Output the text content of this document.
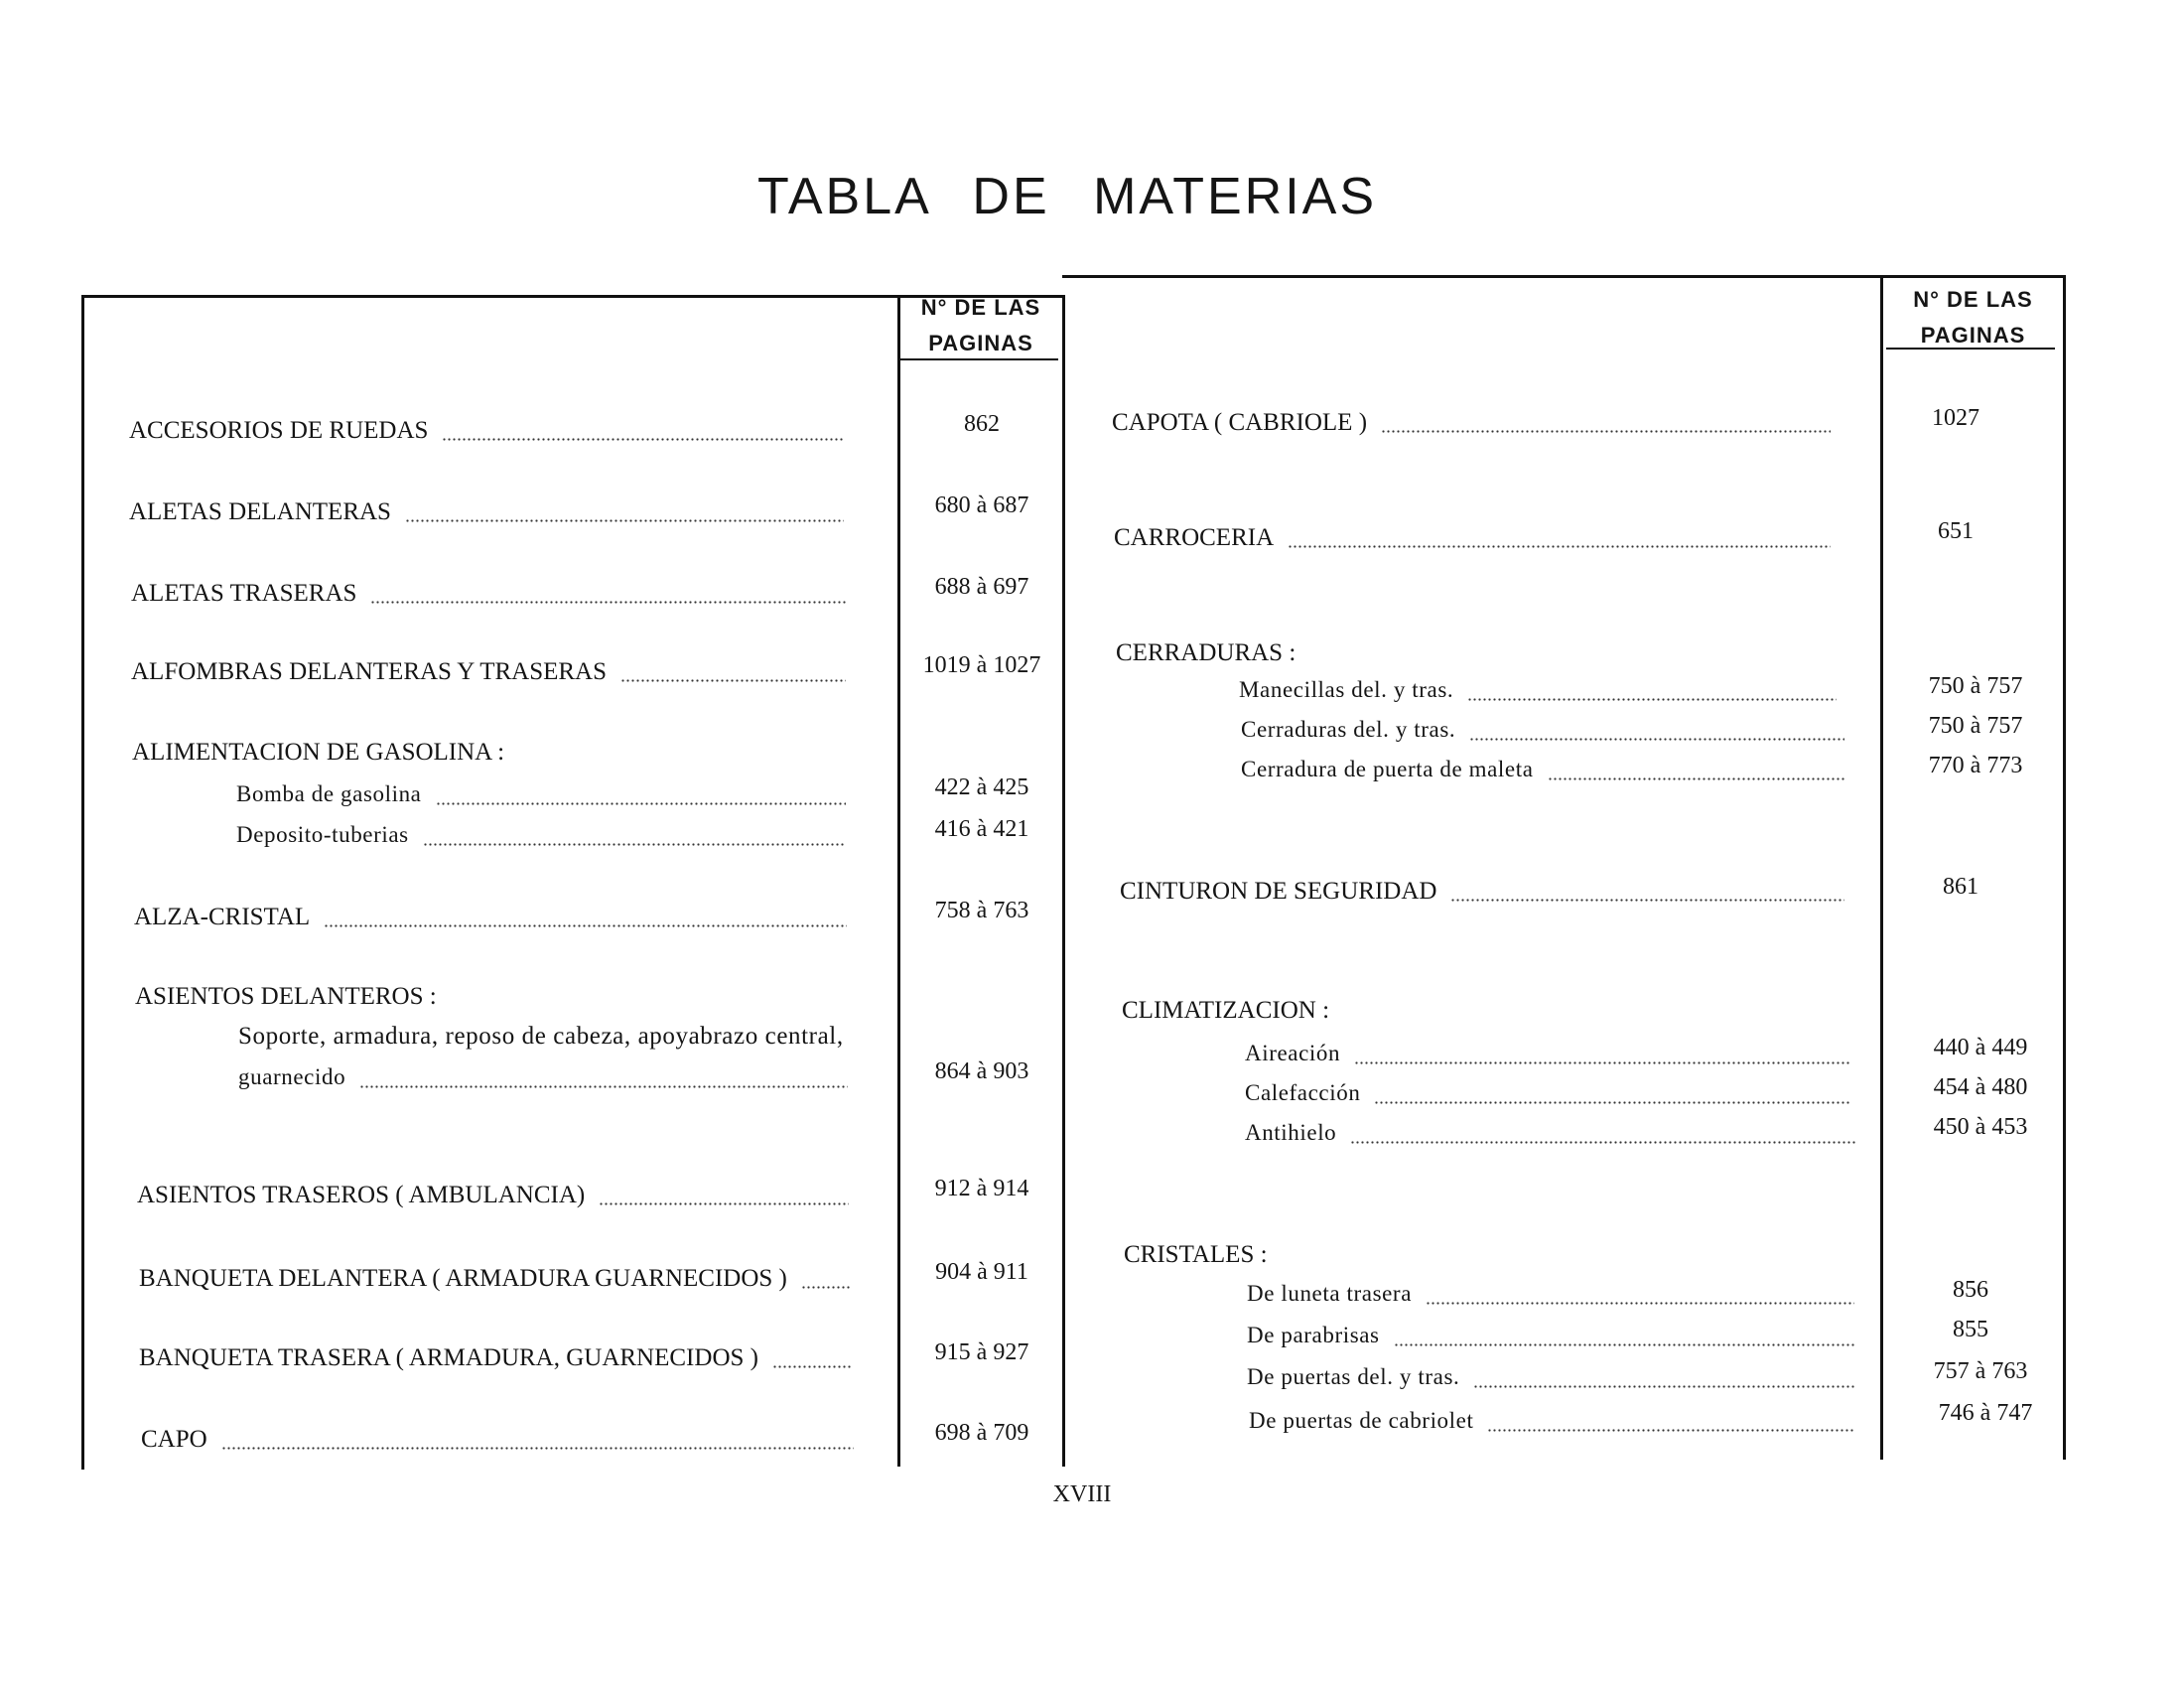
TABLA DE MATERIAS
N° DE LAS
PAGINAS
N° DE LAS
PAGINAS
ACCESORIOS DE RUEDAS	862
ALETAS DELANTERAS	680 à 687
ALETAS TRASERAS	688 à 697
ALFOMBRAS DELANTERAS Y TRASERAS	1019 à 1027
ALIMENTACION DE GASOLINA :
Bomba de gasolina	422 à 425
Deposito-tuberias	416 à 421
ALZA-CRISTAL	758 à 763
ASIENTOS DELANTEROS :
Soporte, armadura, reposo de cabeza, apoyabrazo central,
guarnecido	864 à 903
ASIENTOS TRASEROS ( AMBULANCIA)	912 à 914
BANQUETA DELANTERA ( ARMADURA GUARNECIDOS )	904 à 911
BANQUETA TRASERA ( ARMADURA, GUARNECIDOS )	915 à 927
CAPO	698 à 709
CAPOTA ( CABRIOLE )	1027
CARROCERIA	651
CERRADURAS :
Manecillas del. y tras.	750 à 757
Cerraduras del. y tras.	750 à 757
Cerradura de puerta de maleta	770 à 773
CINTURON DE SEGURIDAD	861
CLIMATIZACION :
Aireación	440 à 449
Calefacción	454 à 480
Antihielo	450 à 453
CRISTALES :
De luneta trasera	856
De parabrisas	855
De puertas del. y tras.	757 à 763
De puertas de cabriolet	746 à 747
XVIII
